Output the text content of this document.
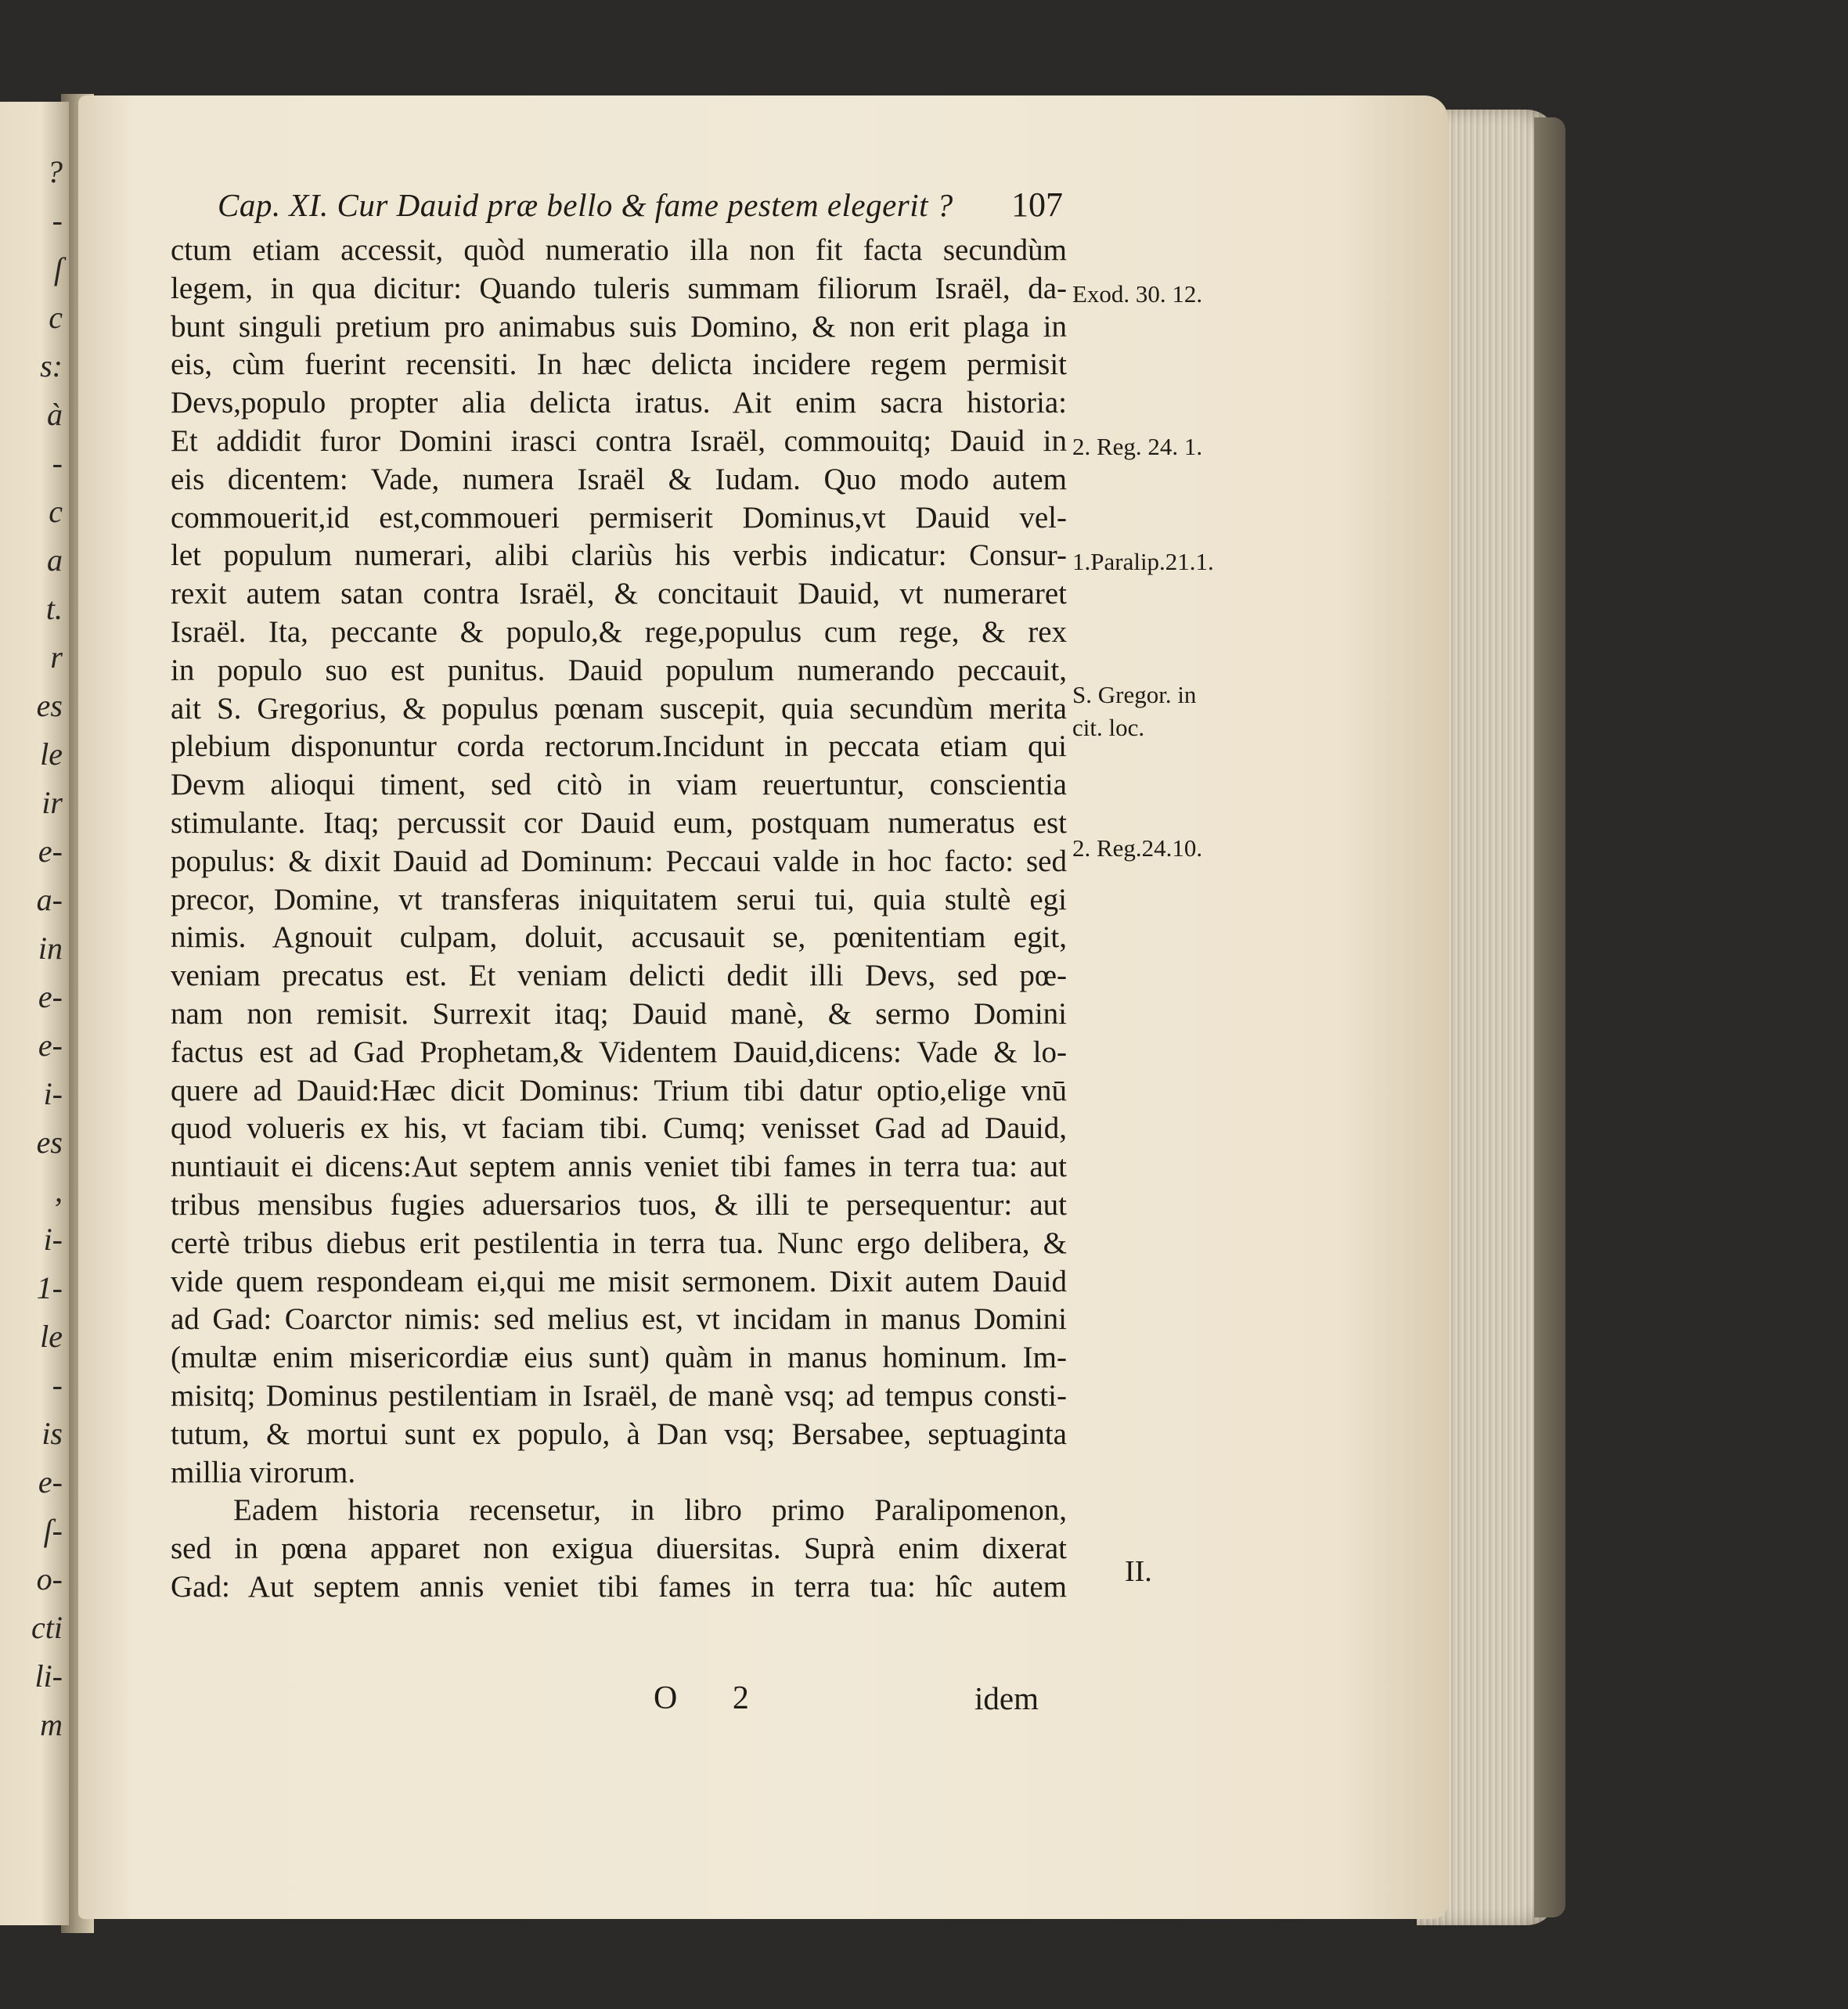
?
-
ſ
c
s:
à
-
c
a
t.
r
es
le
ir
e-
a-
in
e-
e-
i-
es
,
i-
1-
le
-
is
e-
ſ-
o-
cti
li-
m
Cap. XI. Cur Dauid præ bello & fame pestem elegerit ? 107
ctum etiam accessit, quòd numeratio illa non fit facta secundùm
legem, in qua dicitur: Quando tuleris summam filiorum Israël, da-
bunt singuli pretium pro animabus suis Domino, & non erit plaga in
eis, cùm fuerint recensiti. In hæc delicta incidere regem permisit
Devs,populo propter alia delicta iratus. Ait enim sacra historia:
Et addidit furor Domini irasci contra Israël, commouitq; Dauid in
eis dicentem: Vade, numera Israël & Iudam. Quo modo autem
commouerit,id est,commoueri permiserit Dominus,vt Dauid vel-
let populum numerari, alibi clariùs his verbis indicatur: Consur-
rexit autem satan contra Israël, & concitauit Dauid, vt numeraret
Israël. Ita, peccante & populo,& rege,populus cum rege, & rex
in populo suo est punitus. Dauid populum numerando peccauit,
ait S. Gregorius, & populus pœnam suscepit, quia secundùm merita
plebium disponuntur corda rectorum.Incidunt in peccata etiam qui
Devm alioqui timent, sed citò in viam reuertuntur, conscientia
stimulante. Itaq; percussit cor Dauid eum, postquam numeratus est
populus: & dixit Dauid ad Dominum: Peccaui valde in hoc facto: sed
precor, Domine, vt transferas iniquitatem serui tui, quia stultè egi
nimis. Agnouit culpam, doluit, accusauit se, pœnitentiam egit,
veniam precatus est. Et veniam delicti dedit illi Devs, sed pœ-
nam non remisit. Surrexit itaq; Dauid manè, & sermo Domini
factus est ad Gad Prophetam,& Videntem Dauid,dicens: Vade & lo-
quere ad Dauid:Hæc dicit Dominus: Trium tibi datur optio,elige vnū
quod volueris ex his, vt faciam tibi. Cumq; venisset Gad ad Dauid,
nuntiauit ei dicens:Aut septem annis veniet tibi fames in terra tua: aut
tribus mensibus fugies aduersarios tuos, & illi te persequentur: aut
certè tribus diebus erit pestilentia in terra tua. Nunc ergo delibera, &
vide quem respondeam ei,qui me misit sermonem. Dixit autem Dauid
ad Gad: Coarctor nimis: sed melius est, vt incidam in manus Domini
(multæ enim misericordiæ eius sunt) quàm in manus hominum. Im-
misitq; Dominus pestilentiam in Israël, de manè vsq; ad tempus consti-
tutum, & mortui sunt ex populo, à Dan vsq; Bersabee, septuaginta
millia virorum.
Eadem historia recensetur, in libro primo Paralipomenon,
sed in pœna apparet non exigua diuersitas. Suprà enim dixerat
Gad: Aut septem annis veniet tibi fames in terra tua: hîc autem
Exod. 30. 12.
2. Reg. 24. 1.
1.Paralip.21.1.
S. Gregor. in
cit. loc.
2. Reg.24.10.
II.
O 2	idem
